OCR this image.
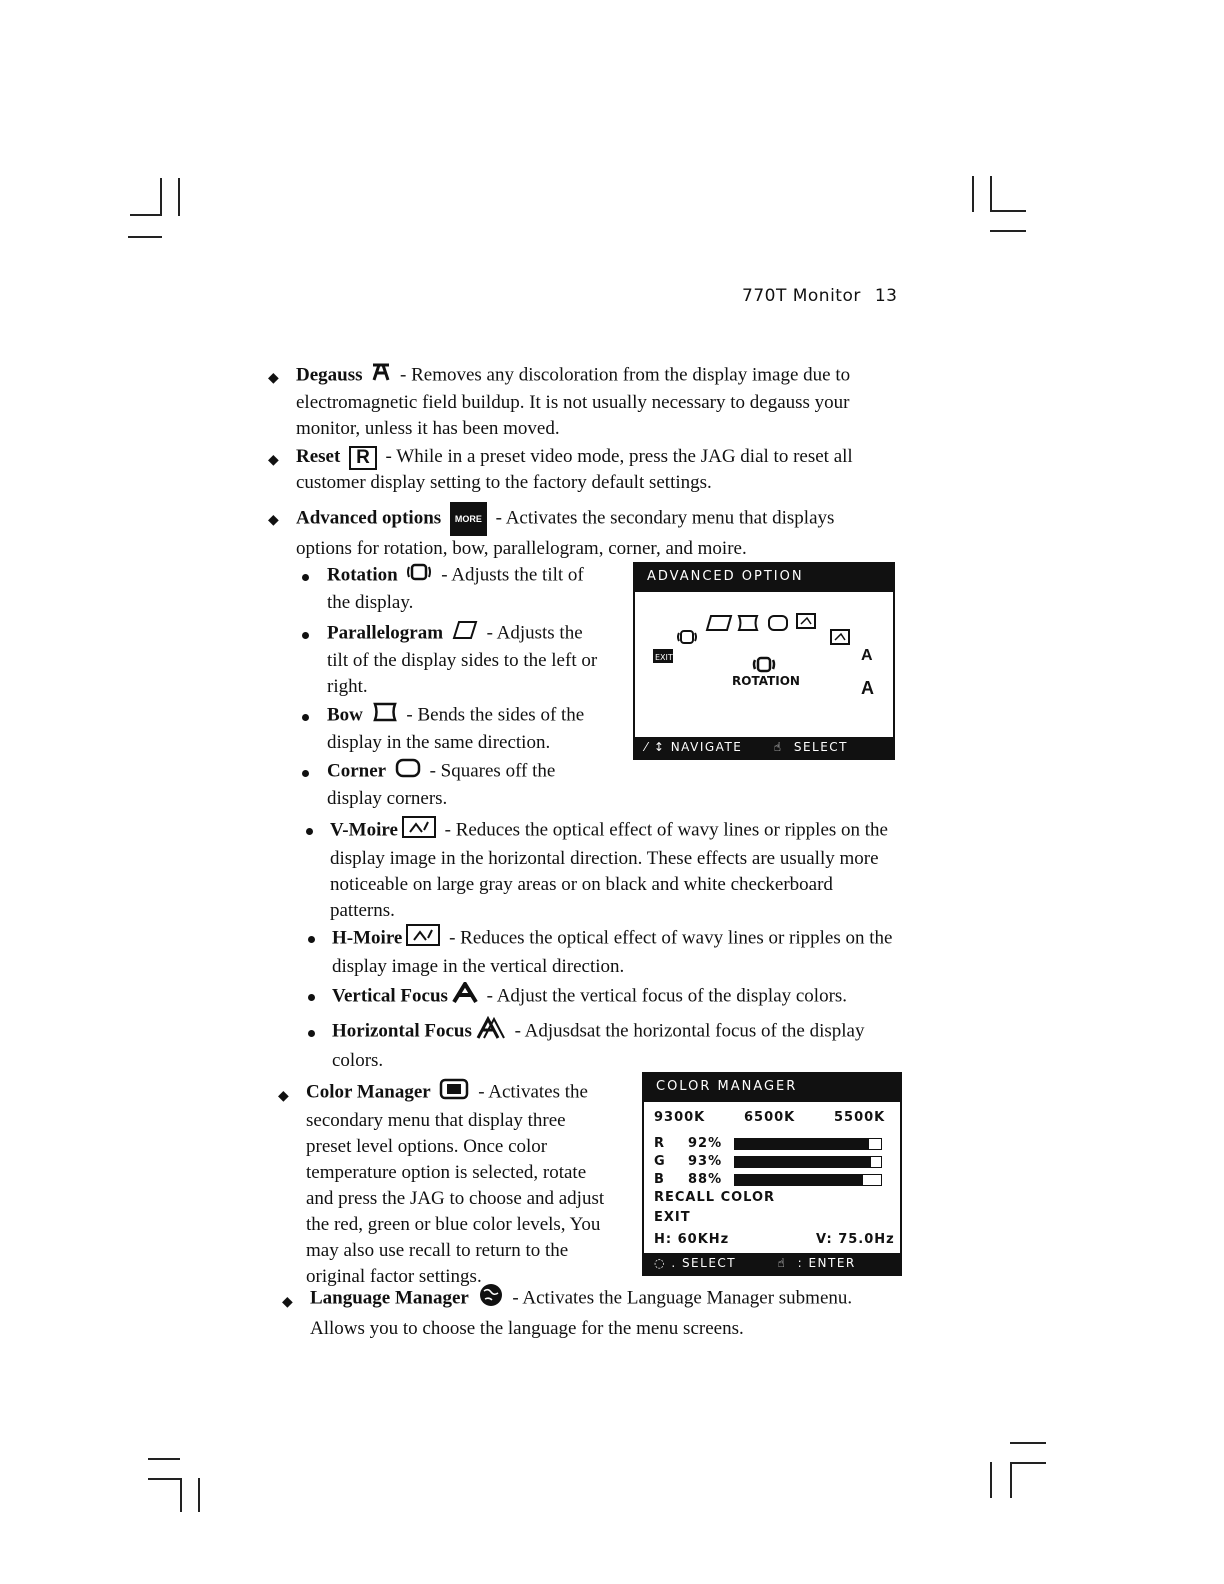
770T Monitor 13
◆ Degauss  - Removes any discoloration from the display image due to
electromagnetic field buildup. It is not usually necessary to degauss your
monitor, unless it has been moved.
◆ Reset R - While in a preset video mode, press the JAG dial to reset all
customer display setting to the factory default settings.
◆ Advanced options MORE - Activates the secondary menu that displays
options for rotation, bow, parallelogram, corner, and moire.
Rotation  - Adjusts the tilt of
the display.
Parallelogram  - Adjusts the
tilt of the display sides to the left or
right.
Bow  - Bends the sides of the
display in the same direction.
Corner  - Squares off the
display corners.
ADVANCED OPTION
EXIT	A
A
ROTATION
⁄ ↕ NAVIGATE	☝ SELECT
V-Moire - Reduces the optical effect of wavy lines or ripples on the
display image in the horizontal direction. These effects are usually more
noticeable on large gray areas or on black and white checkerboard
patterns.
H-Moire - Reduces the optical effect of wavy lines or ripples on the
display image in the vertical direction.
Vertical Focus - Adjust the vertical focus of the display colors.
Horizontal Focus - Adjusdsat the horizontal focus of the display
colors.
◆ Color Manager  - Activates the
secondary menu that display three
preset level options. Once color
temperature option is selected, rotate
and press the JAG to choose and adjust
the red, green or blue color levels, You
may also use recall to return to the
original factor settings.
COLOR MANAGER
9300K	6500K	5500K
R 92%
G 93%
B 88%
RECALL COLOR
EXIT
H: 60KHz	V: 75.0Hz
◌ . SELECT	☝ : ENTER
◆ Language Manager  - Activates the Language Manager submenu.
Allows you to choose the language for the menu screens.
